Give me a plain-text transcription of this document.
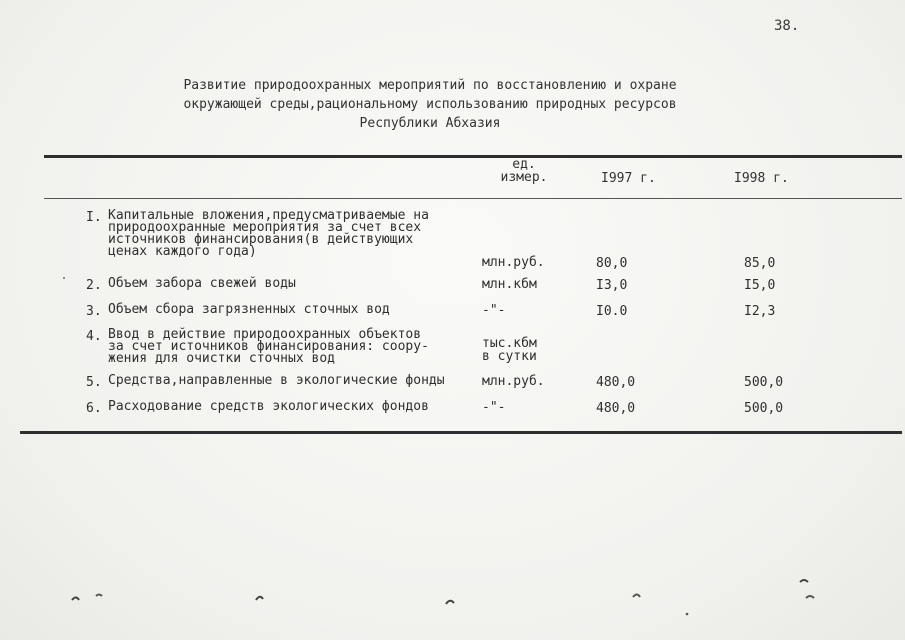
38.
Развитие природоохранных мероприятий по восстановлению и охране
окружающей среды,рациональному использованию природных ресурсов
Республики Абхазия
ед.
измер.	I997 г.	I998 г.
I. Капитальные вложения,предусматриваемые на
природоохранные мероприятия за счет всех
источников финансирования(в действующих
ценах каждого года)
млн.руб.	80,0	85,0
2. Объем забора свежей воды	млн.кбм	I3,0	I5,0
3. Объем сбора загрязненных сточных вод	-"-	I0.0	I2,3
4. Ввод в действие природоохранных объектов
за счет источников финансирования: соору-
жения для очистки сточных вод
тыс.кбм
в сутки
5. Средства,направленные в экологические фонды	млн.руб.	480,0	500,0
6. Расходование средств экологических фондов	-"-	480,0	500,0
